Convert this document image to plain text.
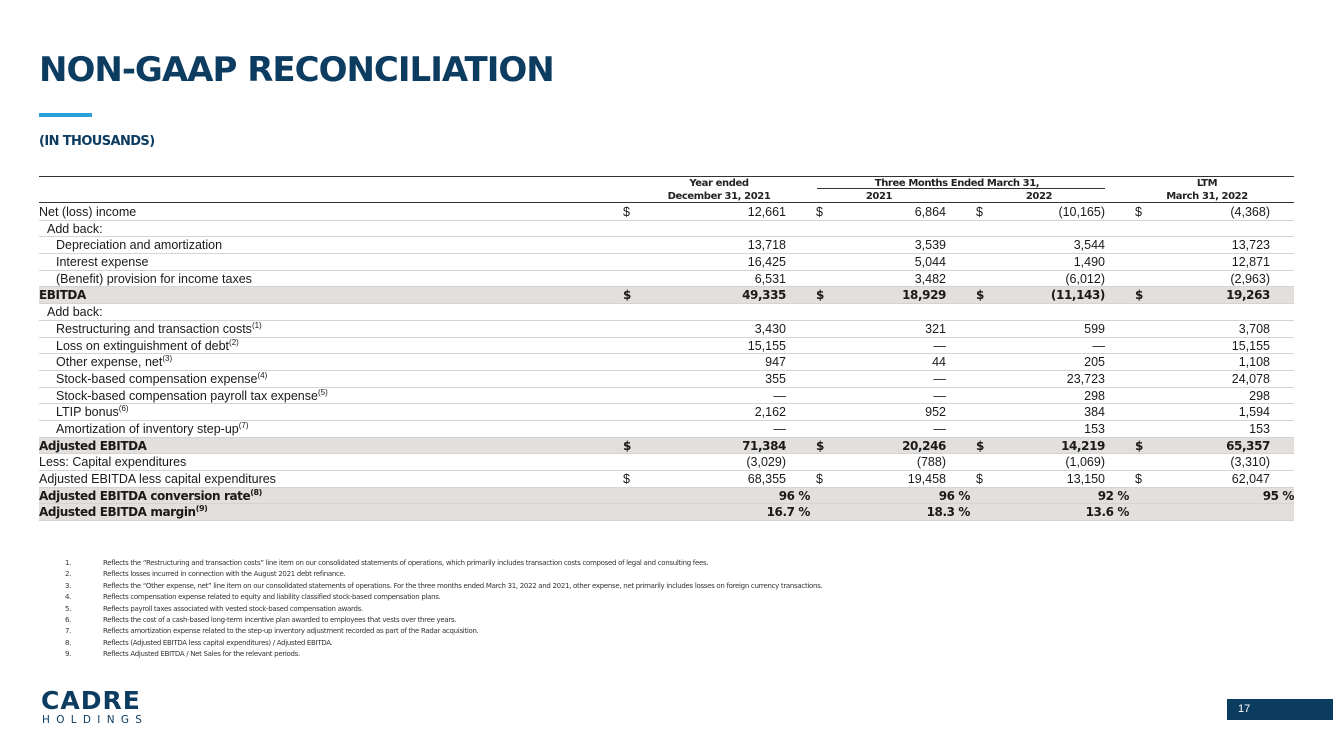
NON-GAAP RECONCILIATION
(IN THOUSANDS)
Year ended	Three Months Ended March 31,	LTM
December 31, 2021	2021	2022	March 31, 2022
Net (loss) income	$	12,661 $	6,864 $	(10,165) $	(4,368)
Add back:
Depreciation and amortization	13,718	3,539	3,544	13,723
Interest expense	16,425	5,044	1,490	12,871
(Benefit) provision for income taxes	6,531	3,482	(6,012)	(2,963)
EBITDA	$	49,335	$	18,929	$	(11,143)	$	19,263
Add back:
Restructuring and transaction costs$^{(1)}$	3,430	321	599	3,708
Loss on extinguishment of debt$^{(2)}$	15,155	—	—	15,155
Other expense, net$^{(3)}$	947	44	205	1,108
Stock-based compensation expense$^{(4)}$	355	—	23,723	24,078
Stock-based compensation payroll tax expense$^{(5)}$	—	—	298	298
LTIP bonus$^{(6)}$	2,162	952	384	1,594
Amortization of inventory step-$up^{(7)}$	—	—	153	153
Adjusted EBITDA	$	71,384	$	20,246	$	14,219	$	65,357
Less: Capital expenditures	(3,029)	(788)	(1,069)	(3,310)
Adjusted EBITDA less capital expenditures	$	68,355 $	19,458 $	13,150 $	62,047
Adjusted EBITDA conversion rate$^{(8)}$	96 %	96 %	92 %	95 %
Adjusted EBITDA margin$^{(9)}$	16.7 %	18.3 %	13.6 %
1.	Reflects the “Restructuring and transaction costs” line item on our consolidated statements of operations, which primarily includes transaction costs composed of legal and consulting fees.
2.	Reflects losses incurred in connection with the August 2021 debt refinance.
3.	Reflects the “Other expense, net” line item on our consolidated statements of operations. For the three months ended March 31, 2022 and 2021, other expense, net primarily includes losses on foreign currency transactions.
4.	Reflects compensation expense related to equity and liability classified stock-based compensation plans.
5.	Reflects payroll taxes associated with vested stock-based compensation awards.
6.	Reflects the cost of a cash-based long-term incentive plan awarded to employees that vests over three years.
7.	Reflects amortization expense related to the step-up inventory adjustment recorded as part of the Radar acquisition.
8.	Reflects (Adjusted EBITDA less capital expenditures) / Adjusted EBITDA.
9.	Reflects Adjusted EBITDA / Net Sales for the relevant periods.
CADRE
HOLDINGS
17
